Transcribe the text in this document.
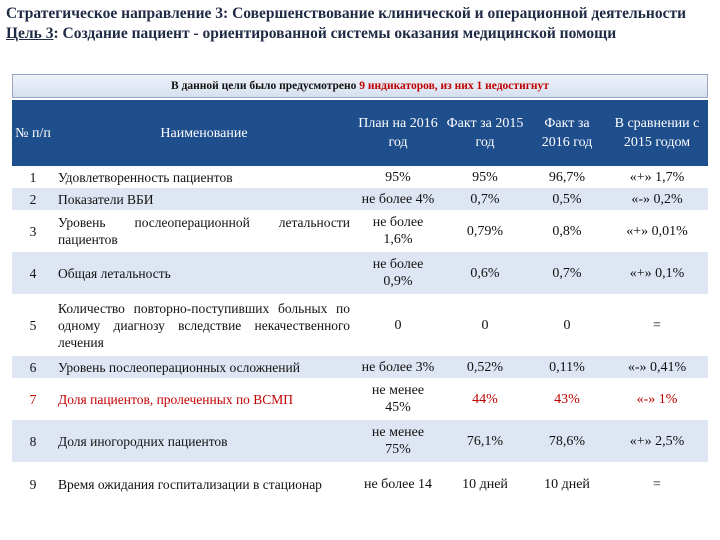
Стратегическое направление 3: Совершенствование клинической и операционной деятельности
Цель 3: Создание пациент - ориентированной системы оказания медицинской помощи
В данной цели было предусмотрено 9 индикаторов, из них 1 недостигнут
№ п/п	Наименование	План на 2016 год	Факт за 2015 год	Факт за 2016 год	В сравнении с 2015 годом
1	Удовлетворенность пациентов	95%	95%	96,7%	«+» 1,7%
2	Показатели ВБИ	не более 4%	0,7%	0,5%	«-» 0,2%
3	Уровень послеоперационной летальности пациентов	не более 1,6%	0,79%	0,8%	«+» 0,01%
4	Общая летальность	не более 0,9%	0,6%	0,7%	«+» 0,1%
5	Количество повторно-поступивших больных по одному диагнозу вследствие некачественного лечения	0	0	0	=
6	Уровень послеоперационных осложнений	не более 3%	0,52%	0,11%	«-» 0,41%
7	Доля пациентов, пролеченных по ВСМП	не менее 45%	44%	43%	«-» 1%
8	Доля иногородних пациентов	не менее 75%	76,1%	78,6%	«+» 2,5%
9	Время ожидания госпитализации в стационар	не более 14	10 дней	10 дней	=
